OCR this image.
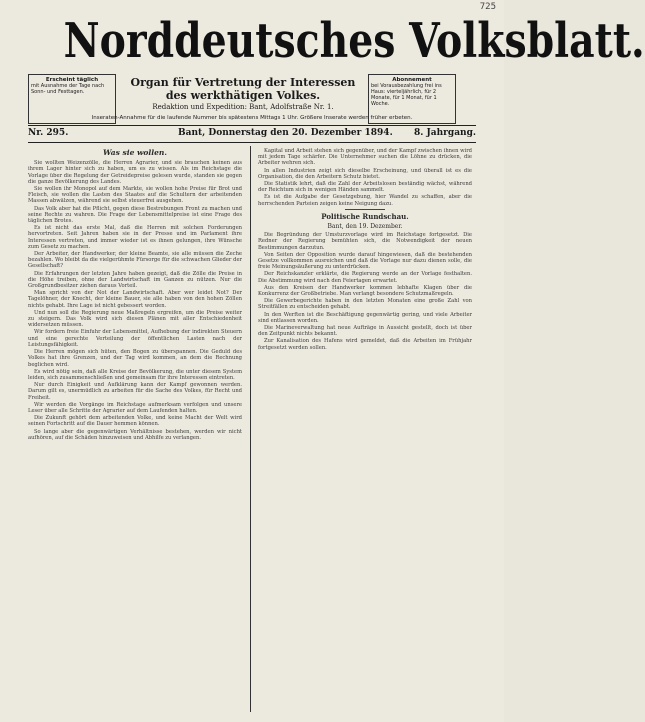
725
Norddeutsches Volksblatt.
Erscheint täglich
mit Ausnahme der Tage nach Sonn- und Festtagen.
Abonnement
bei Vorausbezahlung frei ins Haus: vierteljährlich, für 2 Monate, für 1 Monat, für 1 Woche.
Organ für Vertretung der Interessen
des werkthätigen Volkes.
Redaktion und Expedition: Bant, Adolfstraße Nr. 1.
Inseraten-Annahme für die laufende Nummer bis spätestens Mittags 1 Uhr. Größere Inserate werden früher erbeten.
Nr. 295.	Bant, Donnerstag den 20. Dezember 1894. 8. Jahrgang.
Was sie wollen.

Sie wollten Weizenzölle, die Herren Agrarier, und sie brauchen keinen aus ihrem Lager hinter sich zu haben, um es zu wissen. Als im Reichstage die Vorlage über die Regelung der Getreidepreise gelesen wurde, standen sie gegen die ganze Bevölkerung des Landes.

Sie wollen ihr Monopol auf dem Markte, sie wollen hohe Preise für Brot und Fleisch, sie wollen die Lasten des Staates auf die Schultern der arbeitenden Massen abwälzen, während sie selbst steuerfrei ausgehen.

Das Volk aber hat die Pflicht, gegen diese Bestrebungen Front zu machen und seine Rechte zu wahren. Die Frage der Lebensmittelpreise ist eine Frage des täglichen Brotes.

Es ist nicht das erste Mal, daß die Herren mit solchen Forderungen hervortreten. Seit Jahren haben sie in der Presse und im Parlament ihre Interessen vertreten, und immer wieder ist es ihnen gelungen, ihre Wünsche zum Gesetz zu machen.

Der Arbeiter, der Handwerker, der kleine Beamte, sie alle müssen die Zeche bezahlen. Wo bleibt da die vielgerühmte Fürsorge für die schwachen Glieder der Gesellschaft?

Die Erfahrungen der letzten Jahre haben gezeigt, daß die Zölle die Preise in die Höhe treiben, ohne der Landwirtschaft im Ganzen zu nützen. Nur die Großgrundbesitzer ziehen daraus Vorteil.

Man spricht von der Not der Landwirtschaft. Aber wer leidet Not? Der Tagelöhner, der Knecht, der kleine Bauer, sie alle haben von den hohen Zöllen nichts gehabt. Ihre Lage ist nicht gebessert worden.

Und nun soll die Regierung neue Maßregeln ergreifen, um die Preise weiter zu steigern. Das Volk wird sich diesen Plänen mit aller Entschiedenheit widersetzen müssen.

Wir fordern freie Einfuhr der Lebensmittel, Aufhebung der indirekten Steuern und eine gerechte Verteilung der öffentlichen Lasten nach der Leistungsfähigkeit.

Die Herren mögen sich hüten, den Bogen zu überspannen. Die Geduld des Volkes hat ihre Grenzen, und der Tag wird kommen, an dem die Rechnung beglichen wird.

Es wird nötig sein, daß alle Kreise der Bevölkerung, die unter diesem System leiden, sich zusammenschließen und gemeinsam für ihre Interessen eintreten.

Nur durch Einigkeit und Aufklärung kann der Kampf gewonnen werden. Darum gilt es, unermüdlich zu arbeiten für die Sache des Volkes, für Recht und Freiheit.

Wir werden die Vorgänge im Reichstage aufmerksam verfolgen und unsere Leser über alle Schritte der Agrarier auf dem Laufenden halten.

Die Zukunft gehört dem arbeitenden Volke, und keine Macht der Welt wird seinen Fortschritt auf die Dauer hemmen können.

So lange aber die gegenwärtigen Verhältnisse bestehen, werden wir nicht aufhören, auf die Schäden hinzuweisen und Abhilfe zu verlangen.

Kapital und Arbeit stehen sich gegenüber, und der Kampf zwischen ihnen wird mit jedem Tage schärfer. Die Unternehmer suchen die Löhne zu drücken, die Arbeiter wehren sich.

In allen Industrien zeigt sich dieselbe Erscheinung, und überall ist es die Organisation, die den Arbeitern Schutz bietet.

Die Statistik lehrt, daß die Zahl der Arbeitslosen beständig wächst, während der Reichtum sich in wenigen Händen sammelt.

Es ist die Aufgabe der Gesetzgebung, hier Wandel zu schaffen, aber die herrschenden Parteien zeigen keine Neigung dazu.

Politische Rundschau.
Bant, den 19. Dezember.

Die Begründung der Umsturzvorlage wird im Reichstage fortgesetzt. Die Redner der Regierung bemühten sich, die Notwendigkeit der neuen Bestimmungen darzutun.

Von Seiten der Opposition wurde darauf hingewiesen, daß die bestehenden Gesetze vollkommen ausreichen und daß die Vorlage nur dazu dienen solle, die freie Meinungsäußerung zu unterdrücken.

Der Reichskanzler erklärte, die Regierung werde an der Vorlage festhalten. Die Abstimmung wird nach den Feiertagen erwartet.

Aus den Kreisen der Handwerker kommen lebhafte Klagen über die Konkurrenz der Großbetriebe. Man verlangt besondere Schutzmaßregeln.

Die Gewerbegerichte haben in den letzten Monaten eine große Zahl von Streitfällen zu entscheiden gehabt.

In den Werften ist die Beschäftigung gegenwärtig gering, und viele Arbeiter sind entlassen worden.

Die Marineverwaltung hat neue Aufträge in Aussicht gestellt, doch ist über den Zeitpunkt nichts bekannt.

Zur Kanalisation des Hafens wird gemeldet, daß die Arbeiten im Frühjahr fortgesetzt werden sollen.
